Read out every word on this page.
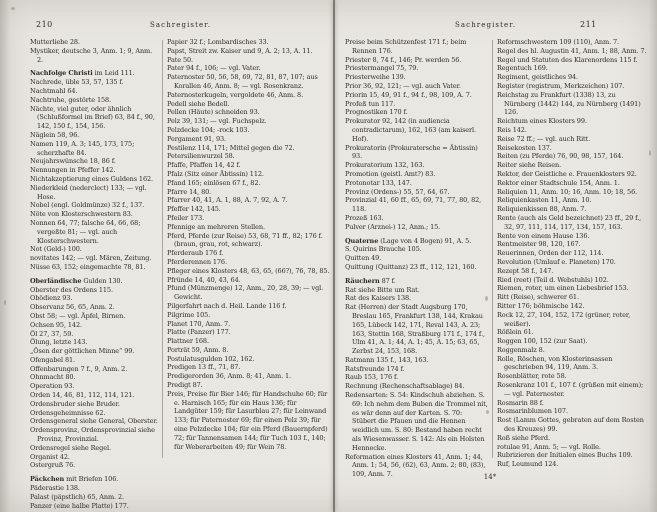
210	Sachregister.

Mutterliebe 28.

Mystiker, deutsche 3, Anm. 1; 9, Anm. 2.

Nachfolge Christi im Leid 111.

Nachrede, üble 53, 57, 135 f.

Nachtmahl 64.

Nachtruhe, gestörte 158.

Nächte, viel guter, oder ähnlich (Schlußformel im Brief) 63, 84 f., 90, 142, 150 f., 154, 156.

Näglein 58, 96.

Namen 119, A. 3; 145, 173, 175; scherzhafte 84.

Neujahrswünsche 18, 86 f.

Nennungen in Pfeffer 142.

Nichtakzeptierung eines Guldens 162.

Niederkleid (nederclect) 133; — vgl. Hose.

Nobel (engl. Goldmünze) 32 f., 137.

Nöte von Klosterschwestern 83.

Nonnen 64, 77; falsche 64, 66, 68; vergeßte 81; — vgl. auch Klosterschwestern.

Not (Geld-) 100.

novitates 142; — vgl. Mären, Zeitung.

Nüsse 63, 152; eingemachte 78, 81.

Oberländische Gulden 130.

Oberster des Ordens 115.

Obödienz 93.

Observanz 56, 65, Anm. 2.

Obst 58; — vgl. Äpfel, Birnen.

Ochsen 95, 142.

Öl 27, 37, 59.

Ölung, letzte 143.

„Ösen der göttlichen Minne“ 99.

Ofengabel 81.

Offenbarungen 7 f., 9, Anm. 2.

Ohnmacht 80.

Operation 93.

Orden 14, 46, 81, 112, 114, 121.

Ordensbruder siehe Bruder.

Ordensgeheimnisse 62.

Ordensgeneral siehe General, Oberster.

Ordensprovinz, Ordensprovinzial siehe Provinz, Provinzial.

Ordensregel siehe Regel.

Organist 42.

Ostergruß 76.

Päckchen mit Briefen 106.

Päderastie 138.

Palast (päpstlich) 65, Anm. 2.

Panzer (eine halbe Platte) 177.

Papier 32 f.; Lombardisches 33.

Papst, Streit zw. Kaiser und 9, A. 2; 13, A. 11.

Pate 50.

Pater 94 f., 106; — vgl. Vater.

Paternoster 50, 56, 58, 69, 72, 81, 87, 107; aus Korallen 46, Anm. 8; — vgl. Rosenkranz.

Paternosterkugeln, vergoldete 46, Anm. 8.

Pedell siehe Bedell.

Pellen (Häute) schneiden 93.

Pelz 39, 131; — vgl. Fuchspelz.

Pelzdecke 104; -rock 103.

Pergament 91, 93.

Pestilenz 114, 171; Mittel gegen die 72.

Petersilienwurzel 58.

Pfaffe, Pfaffen 14, 42 f.

Pfalz (Sitz einer Äbtissin) 112.

Pfand 165; einlösen 67 f., 82.

Pfarre 14, 80.

Pfarrer 40, 41, A. 1, 88, A. 7, 92, A. 7.

Pfeffer 142, 145.

Pfeiler 173.

Pfennige an mehreren Stellen.

Pferd, Pferde (zur Reise) 53, 68, 71 ff., 82; 176 f. (braun, grau, rot, schwarz).

Pferderaub 176 f.

Pferderennen 176.

Pfleger eines Klosters 48, 63, 65, (66?), 76, 78, 85.

Pfründe 14, 40, 43, 64.

Pfund (Münzmenge) 12, Anm., 20, 28, 39; — vgl. Gewicht.

Pilgerfahrt nach d. Heil. Lande 116 f.

Pilgrime 105.

Planet 170, Anm. 7.

Platte (Panzer) 177.

Plattner 168.

Porträt 59, Anm. 8.

Postulatusgulden 102, 162.

Predigen 13 ff., 71, 87.

Predigerorden 36, Anm. 8; 41, Anm. 1.

Predigt 87.

Preis, Preise für Bier 146; für Handschuhe 60; für e. Harnisch 165; für ein Haus 136; für Landgüter 159; für Lasurblau 27; für Leinwand 133; für Paternoster 69; für einen Pelz 39; für eine Pelzdecke 104; für ein Pferd (Bauernpferd) 72; für Tannensamen 144; für Tuch 103 f., 140; für Weberarbeiten 49; für Wein 78.

Sachregister.	211

Preise beim Schützenfest 171 f.; beim Rennen 176.

Priester 8, 74 f., 146; Pr. werden 56.

Priestermangel 75, 79.

Priesterweihe 139.

Prior 36, 92, 121; — vgl. auch Vater.

Priorin 15, 49, 91 f., 94 f., 98, 109, A. 7.

Profeß tun 117.

Prognostiken 170 f.

Prokurator 92, 142 (in audiencia contradictarum), 162, 163 (am kaiserl. Hof).

Prokuratorin (Prokuratersche = Äbtissin) 93.

Prokuratorium 132, 163.

Promotion (geistl. Amt?) 83.

Protonotar 133, 147.

Provinz (Ordens-) 55, 57, 64, 67.

Provinzial 41, 60 ff., 65, 69, 71, 77, 80, 82, 118.

Prozeß 163.

Pulver (Arznei-) 12, Anm.; 15.

Quaterne (Lage von 4 Bogen) 91, A. 5.

S. Quirins Brauche 105.

Quitten 49.

Quittung (Quittanz) 23 ff., 112, 121, 160.

Räuchern 87 f.

Rat siehe Bitte um Rat.

Rat des Kaisers 138.

Rat (Herren) der Stadt Augsburg 170, Breslau 165, Frankfurt 138, 144, Krakau 165, Lübeck 142, 171, Reval 143, A. 23; 163, Stettin 168, Straßburg 171 f., 174 f., Ulm 41, A. 1; 44, A. 1; 45, A. 15; 63, 65, Zerbst 24, 153, 168.

Ratmann 135 f., 143, 163.

Ratsfreunde 174 f.

Raub 153, 176 f.

Rechnung (Rechenschaftsablage) 84.

Redensarten: S. 54: Kindschuh abziehen. S. 69: Ich nehm dem Buben die Trommel nit, es wär denn auf der Karten. S. 70: Stübert die Pfauen und die Hennen weidlich um. S. 80: Bestand haben recht als Wiesenwasser. S. 142: Als ein Holsten Hennecke.

Reformation eines Klosters 41, Anm. 1; 44, Anm. 1; 54, 56, (62), 63, Anm. 2; 80, (83), 109, Anm. 7.

Reformschwestern 109 (110), Anm. 7.

Regel des hl. Augustin 41, Anm. 1; 88, Anm. 7.

Regel und Statuten des Klarenordens 115 f.

Regentuch 169.

Regiment, geistliches 94.

Register (registrum, Merkzeichen) 107.

Reichstag zu Frankfurt (1338) 13, zu Nürnberg (1442) 144, zu Nürnberg (1491) 126.

Reichtum eines Klosters 99.

Reis 142.

Reise 72 ff.; — vgl. auch Ritt.

Reisekosten 137.

Reiten (zu Pferde) 76, 90, 98, 157, 164.

Reiter siehe Reisen.

Rektor, der Geistliche e. Frauenklosters 92.

Rektor einer Stadtschule 154, Anm. 1.

Reliquien 11, Anm. 10; 16, Anm. 10; 18, 56.

Reliquienkasten 11, Anm. 10.

Reliquienkissen 88, Anm. 7.

Rente (auch als Geld bezeichnet) 23 ff., 29 f., 32, 97, 111, 114, 117, 134, 157, 163.

Rente von einem Hause 136.

Rentmeister 98, 120, 167.

Reuerinnen, Orden der 112, 114.

Revolution (Umlauf e. Planeten) 170.

Rezept 58 f., 147.

Ried (reet) (Teil d. Webstuhls) 102.

Riemen, roter, um einen Liebesbrief 153.

Ritt (Reise), schwerer 61.

Ritter 176; böhmische 142.

Rock 12, 27, 104, 152, 172 (grüner, roter, weißer).

Rößlein 61.

Roggen 100, 152 (zur Saat).

Roggenmalz 8.

Rolle, Röschen, von Klosterinsassen geschrieben 94, 119, Anm. 3.

Rosenblätter, rote 58.

Rosenkranz 101 f., 107 f. (grüßen mit einem); — vgl. Paternoster.

Rosmarin 88 f.

Rosmarinblumen 107.

Rost (Lamm Gottes, gebraten auf dem Rosten des Kreuzes) 99.

Roß siehe Pferd.

rotulae 91, Anm. 5; — vgl. Rolle.

Rubrizieren der Initialen eines Buchs 109.

Ruf, Leumund 124.

14*
